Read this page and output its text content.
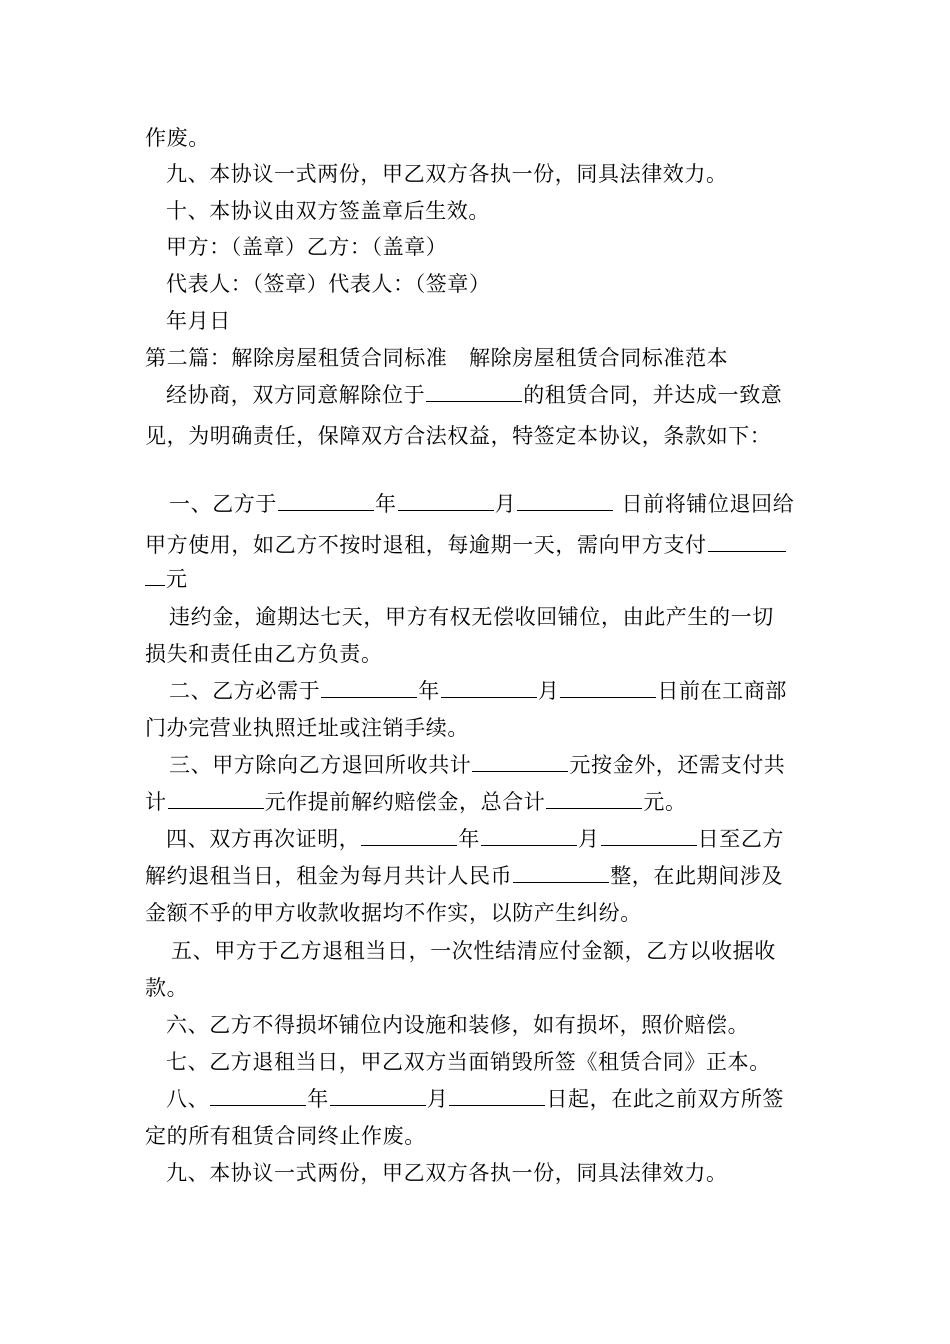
作废。
九、本协议一式两份，甲乙双方各执一份，同具法律效力。
十、本协议由双方签盖章后生效。
甲方：（盖章）乙方：（盖章）
代表人：（签章）代表人：（签章）
年月日
第二篇：解除房屋租赁合同标准　解除房屋租赁合同标准范本
经协商，双方同意解除位于	的租赁合同，并达成一致意
见，为明确责任，保障双方合法权益，特签定本协议，条款如下：
一、乙方于	年	月	日前将铺位退回给
甲方使用，如乙方不按时退租，每逾期一天，需向甲方支付
元
违约金，逾期达七天，甲方有权无偿收回铺位，由此产生的一切
损失和责任由乙方负责。
二、乙方必需于	年	月	日前在工商部
门办完营业执照迁址或注销手续。
三、甲方除向乙方退回所收共计	元按金外，还需支付共
计	元作提前解约赔偿金，总合计	元。
四、双方再次证明，	年	月	日至乙方
解约退租当日，租金为每月共计人民币	整，在此期间涉及
金额不乎的甲方收款收据均不作实，以防产生纠纷。
五、甲方于乙方退租当日，一次性结清应付金额，乙方以收据收
款。
六、乙方不得损坏铺位内设施和装修，如有损坏，照价赔偿。
七、乙方退租当日，甲乙双方当面销毁所签《租赁合同》正本。
八、	年	月	日起，在此之前双方所签
定的所有租赁合同终止作废。
九、本协议一式两份，甲乙双方各执一份，同具法律效力。
